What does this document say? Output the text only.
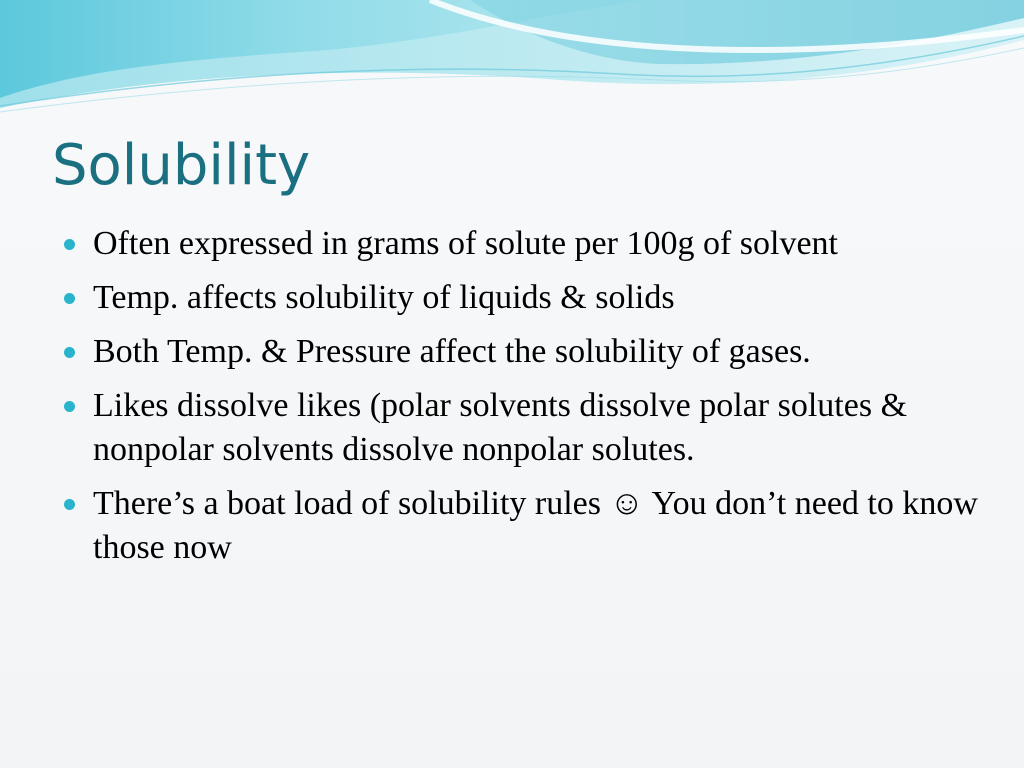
Solubility
Often expressed in grams of solute per 100g of solvent
Temp. affects solubility of liquids & solids
Both Temp. & Pressure affect the solubility of gases.
Likes dissolve likes (polar solvents dissolve polar solutes & nonpolar solvents dissolve nonpolar solutes.
There’s a boat load of solubility rules ☺ You don’t need to know those now
